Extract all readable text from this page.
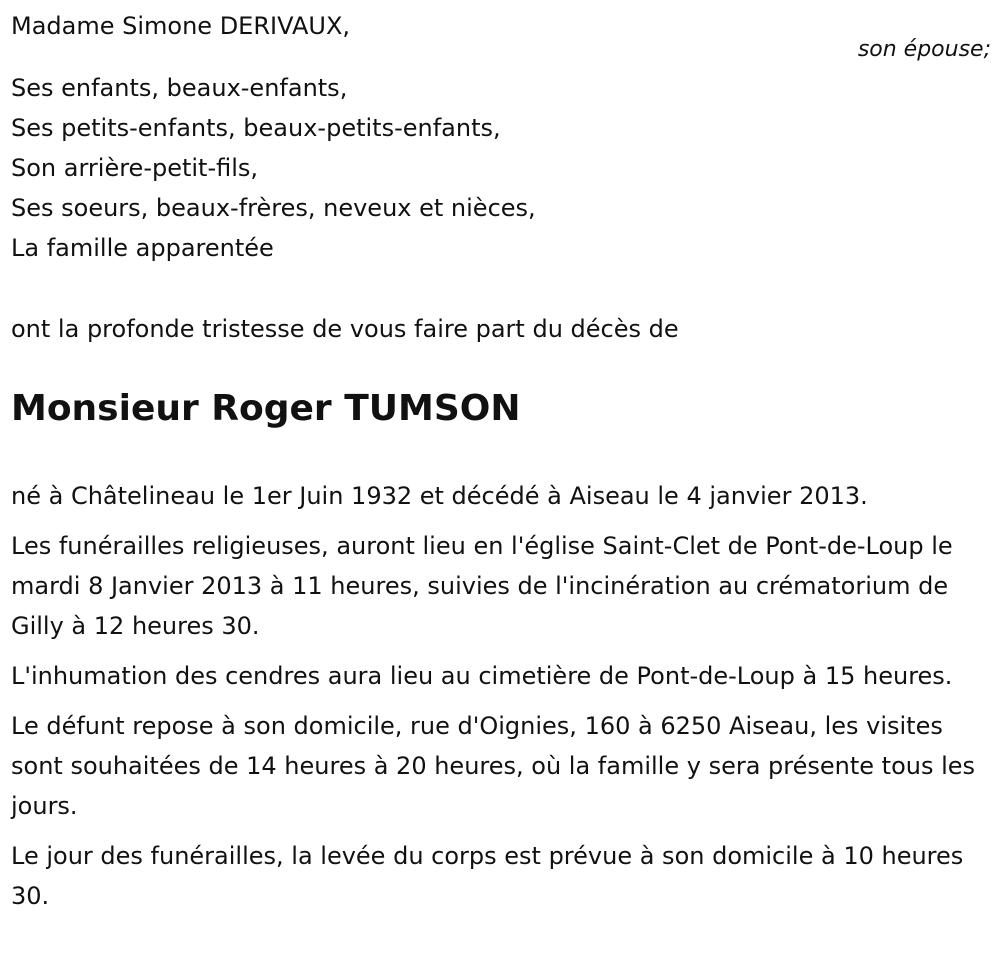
Madame Simone DERIVAUX,
son épouse;
Ses enfants, beaux-enfants,
Ses petits-enfants, beaux-petits-enfants,
Son arrière-petit-fils,
Ses soeurs, beaux-frères, neveux et nièces,
La famille apparentée
ont la profonde tristesse de vous faire part du décès de
Monsieur Roger TUMSON

né à Châtelineau le 1er Juin 1932 et décédé à Aiseau le 4 janvier 2013.

Les funérailles religieuses, auront lieu en l'église Saint-Clet de Pont-de-Loup le mardi 8 Janvier 2013 à 11 heures, suivies de l'incinération au crématorium de Gilly à 12 heures 30.

L'inhumation des cendres aura lieu au cimetière de Pont-de-Loup à 15 heures.

Le défunt repose à son domicile, rue d'Oignies, 160 à 6250 Aiseau, les visites sont souhaitées de 14 heures à 20 heures, où la famille y sera présente tous les jours.

Le jour des funérailles, la levée du corps est prévue à son domicile à 10 heures 30.
